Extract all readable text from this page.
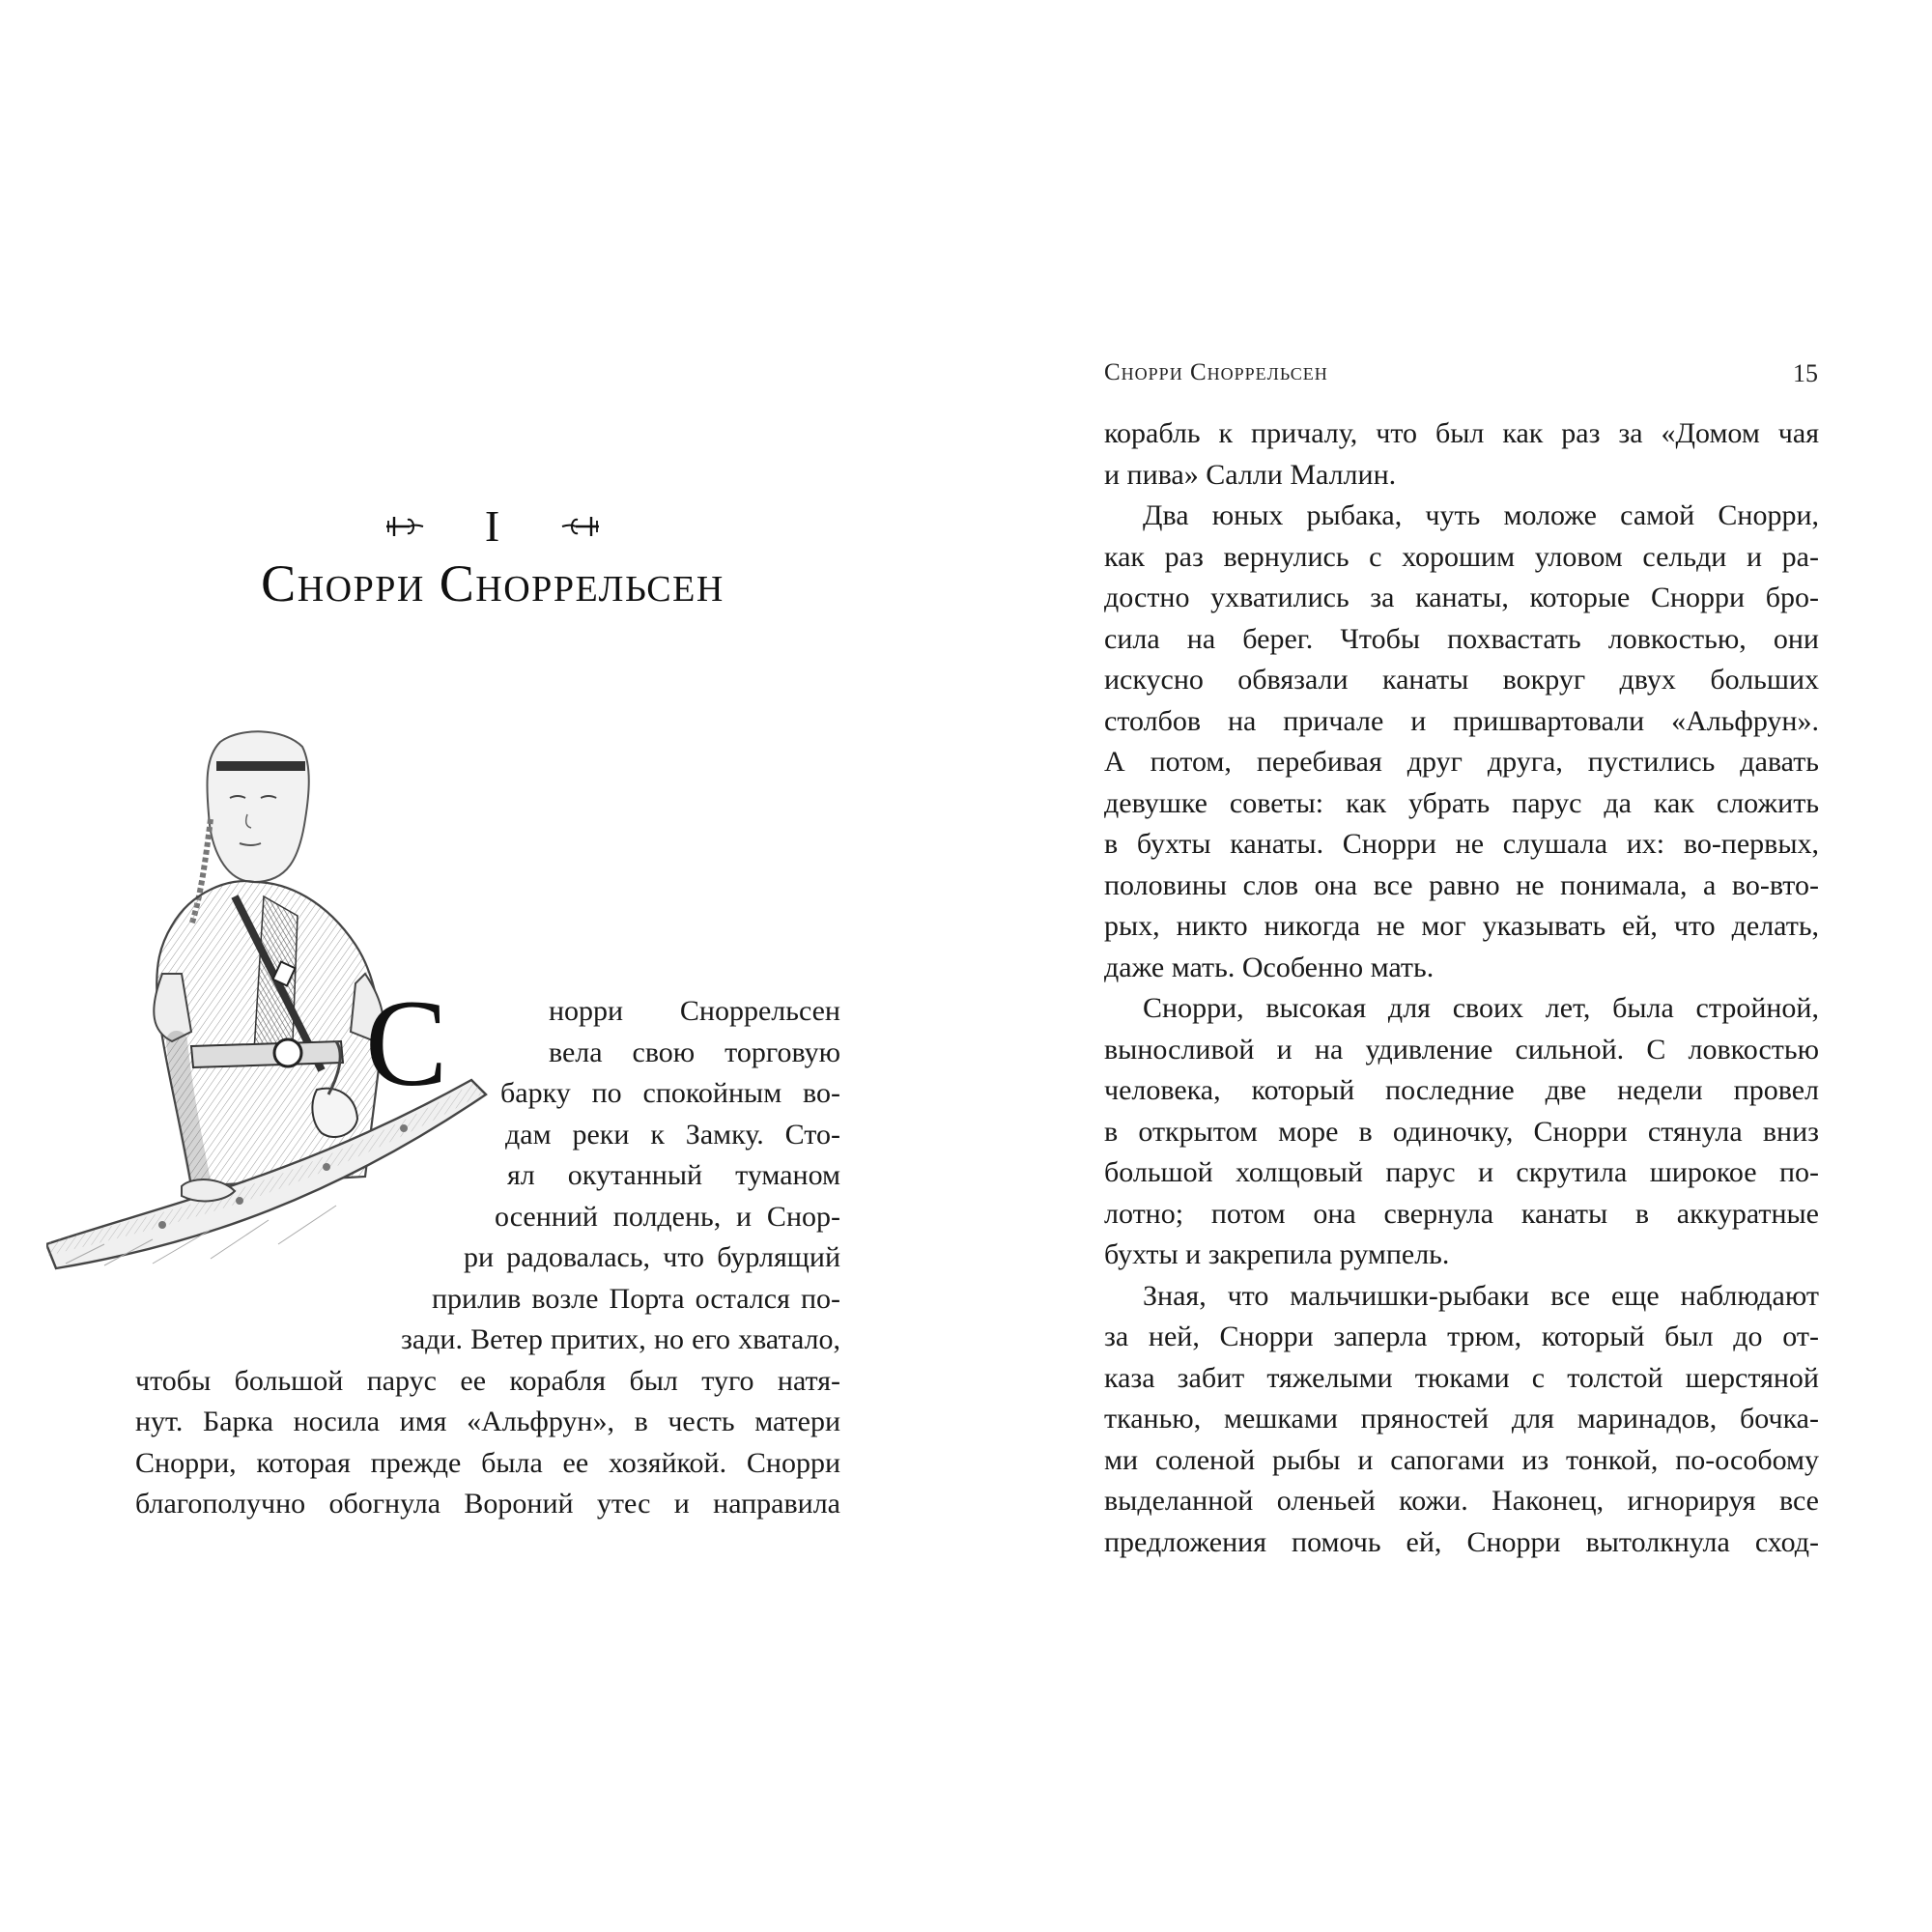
I
Снорри Сноррельсен
С	норри Сноррельсен
вела свою торговую
барку по спокойным во-
дам реки к Замку. Сто-
ял окутанный туманом
осенний полдень, и Снор-
ри радовалась, что бурлящий
прилив возле Порта остался по-
зади. Ветер притих, но его хватало,
чтобы большой парус ее корабля был туго натя-
нут. Барка носила имя «Альфрун», в честь матери
Снорри, которая прежде была ее хозяйкой. Снорри
благополучно обогнула Вороний утес и направила
Снорри Сноррельсен	15
корабль к причалу, что был как раз за «Домом чая
и пива» Салли Маллин.
Два юных рыбака, чуть моложе самой Снорри,
как раз вернулись с хорошим уловом сельди и ра-
достно ухватились за канаты, которые Снорри бро-
сила на берег. Чтобы похвастать ловкостью, они
искусно обвязали канаты вокруг двух больших
столбов на причале и пришвартовали «Альфрун».
А потом, перебивая друг друга, пустились давать
девушке советы: как убрать парус да как сложить
в бухты канаты. Снорри не слушала их: во-первых,
половины слов она все равно не понимала, а во-вто-
рых, никто никогда не мог указывать ей, что делать,
даже мать. Особенно мать.
Снорри, высокая для своих лет, была стройной,
выносливой и на удивление сильной. С ловкостью
человека, который последние две недели провел
в открытом море в одиночку, Снорри стянула вниз
большой холщовый парус и скрутила широкое по-
лотно; потом она свернула канаты в аккуратные
бухты и закрепила румпель.
Зная, что мальчишки-рыбаки все еще наблюдают
за ней, Снорри заперла трюм, который был до от-
каза забит тяжелыми тюками с толстой шерстяной
тканью, мешками пряностей для маринадов, бочка-
ми соленой рыбы и сапогами из тонкой, по-особому
выделанной оленьей кожи. Наконец, игнорируя все
предложения помочь ей, Снорри вытолкнула сход-
